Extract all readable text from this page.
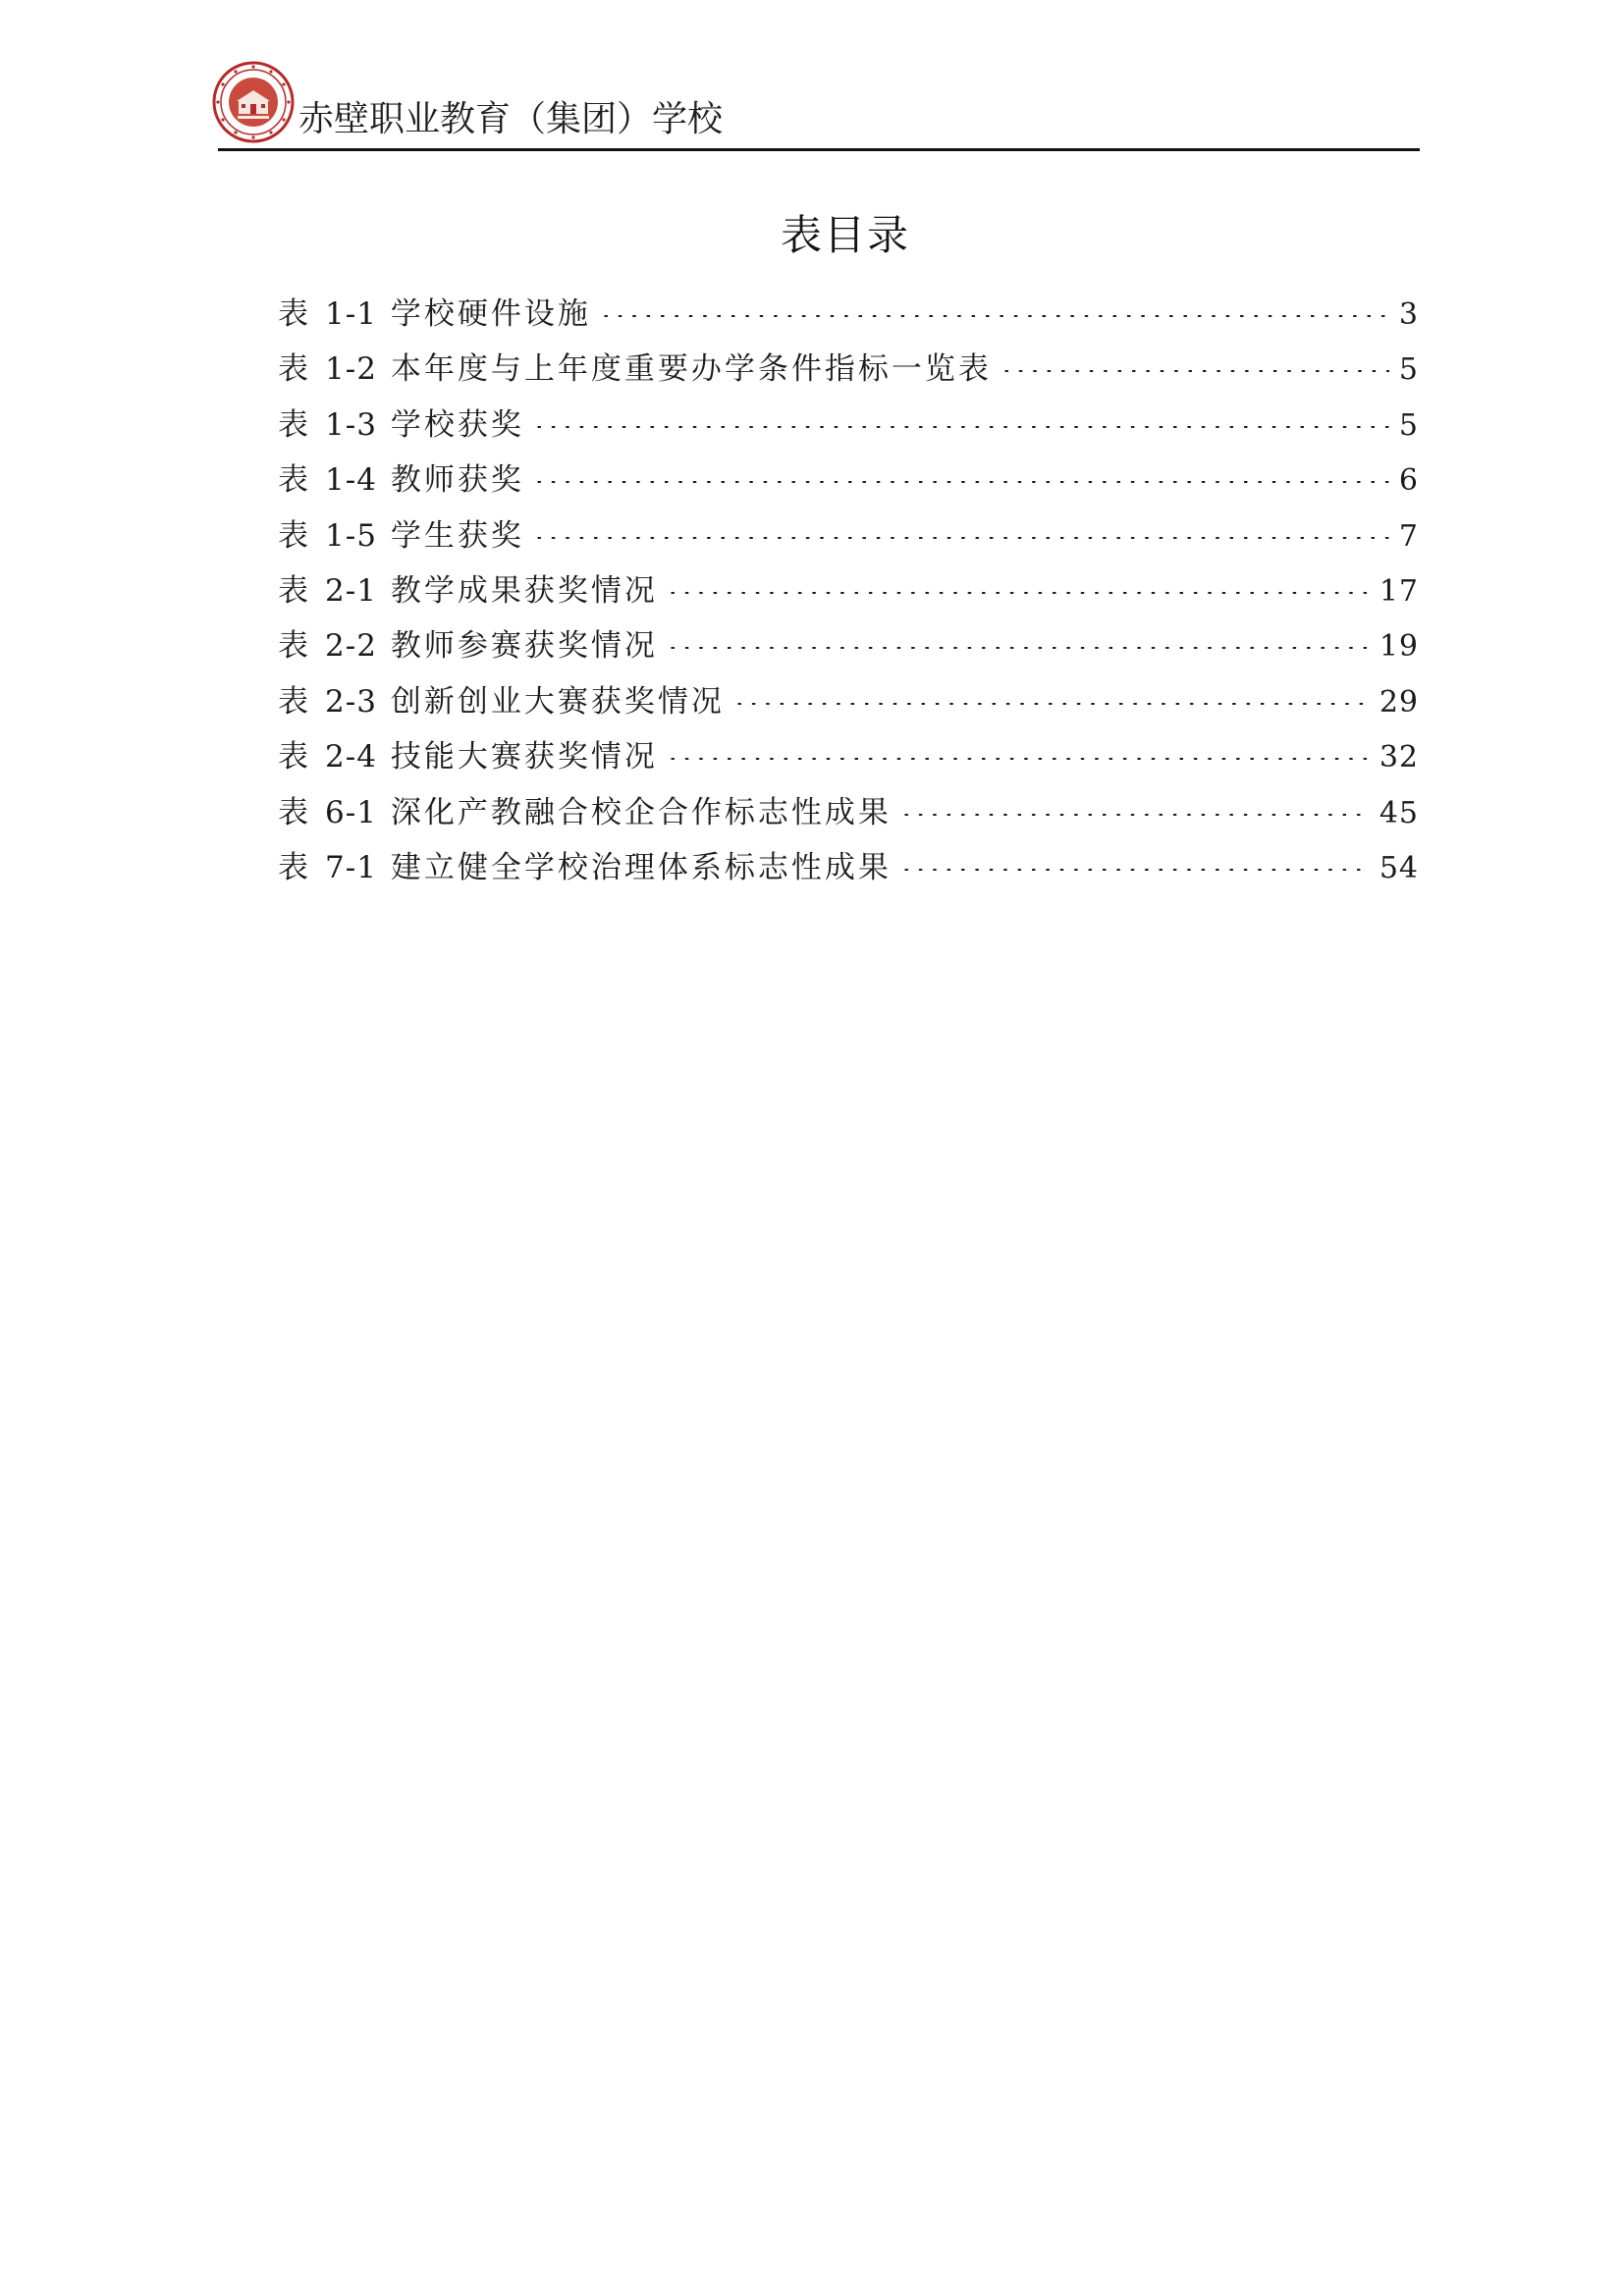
赤壁职业教育（集团）学校
表目录
表 1-1 学校硬件设施	3
表 1-2 本年度与上年度重要办学条件指标一览表	5
表 1-3 学校获奖	5
表 1-4 教师获奖	6
表 1-5 学生获奖	7
表 2-1 教学成果获奖情况	17
表 2-2 教师参赛获奖情况	19
表 2-3 创新创业大赛获奖情况	29
表 2-4 技能大赛获奖情况	32
表 6-1 深化产教融合校企合作标志性成果	45
表 7-1 建立健全学校治理体系标志性成果	54
